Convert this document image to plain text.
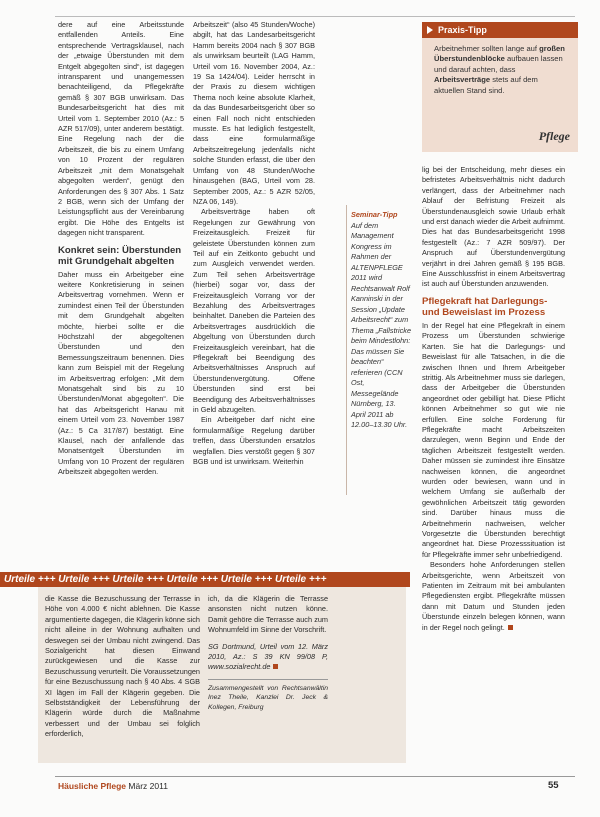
dere auf eine Arbeitsstunde entfallenden Anteils. Eine entsprechende Vertragsklausel, nach der „etwaige Überstunden mit dem Entgelt abgegolten sind“, ist dagegen intransparent und unangemessen benachteiligend, da Pflegekräfte gemäß § 307 BGB unwirksam. Das Bundesarbeitsgericht hat dies mit Urteil vom 1. September 2010 (Az.: 5 AZR 517/09), unter anderem bestätigt. Eine Regelung nach der die Arbeitszeit, die bis zu einem Umfang von 10 Prozent der regulären Arbeitszeit „mit dem Monatsgehalt abgegolten werden“, genügt den Anforderungen des § 307 Abs. 1 Satz 2 BGB, wenn sich der Umfang der Leistungspflicht aus der Vereinbarung ergibt. Die Höhe des Entgelts ist dagegen nicht transparent.

Konkret sein: Überstunden mit Grundgehalt abgelten

Daher muss ein Arbeitgeber eine weitere Konkretisierung in seinen Arbeitsvertrag vornehmen. Wenn er zumindest einen Teil der Überstunden mit dem Grundgehalt abgelten möchte, hierbei sollte er die Höchstzahl der abgegoltenen Überstunden und den Bemessungszeitraum benennen. Dies kann zum Beispiel mit der Regelung im Arbeitsvertrag erfolgen: „Mit dem Monatsgehalt sind bis zu 10 Überstunden/Monat abgegolten“. Die hat das Arbeitsgericht Hanau mit einem Urteil vom 23. November 1987 (Az.: 5 Ca 317/87) bestätigt. Eine Klausel, nach der anfallende das Monatsentgelt Überstunden im Umfang von 10 Prozent der regulären Arbeitszeit abgegolten werden.

Arbeitszeit“ (also 45 Stunden/Woche) abgilt, hat das Landesarbeitsgericht Hamm bereits 2004 nach § 307 BGB als unwirksam beurteilt (LAG Hamm, Urteil vom 16. November 2004, Az.: 19 Sa 1424/04). Leider herrscht in der Praxis zu diesem wichtigen Thema noch keine absolute Klarheit, da das Bundesarbeitsgericht über so einen Fall noch nicht entschieden musste. Es hat lediglich festgestellt, dass eine formularmäßige Arbeitszeitregelung jedenfalls nicht solche Stunden erfasst, die über den Umfang von 48 Stunden/Woche hinausgehen (BAG, Urteil vom 28. September 2005, Az.: 5 AZR 52/05, NZA 06, 149).

Arbeitsverträge haben oft Regelungen zur Gewährung von Freizeitausgleich. Freizeit für geleistete Überstunden können zum Teil auf ein Zeitkonto gebucht und zum Ausgleich verwendet werden. Zum Teil sehen Arbeitsverträge (hierbei) sogar vor, dass der Freizeitausgleich Vorrang vor der Bezahlung des Arbeitsvertrages beinhaltet. Daneben die Parteien des Arbeitsvertrages ausdrücklich die Abgeltung von Überstunden durch Freizeitausgleich vereinbart, hat die Pflegekraft bei Beendigung des Arbeitsverhältnisses Anspruch auf Überstundenvergütung. Offene Überstunden sind erst bei Beendigung des Arbeitsverhältnisses in Geld abzugelten.

Ein Arbeitgeber darf nicht eine formularmäßige Regelung darüber treffen, dass Überstunden ersatzlos wegfallen. Dies verstößt gegen § 307 BGB und ist unwirksam. Weiterhin

Seminar-Tipp
Auf dem Management Kongress im Rahmen der ALTENPFLEGE 2011 wird Rechtsanwalt Rolf Kanninski in der Session „Update Arbeitsrecht“ zum Thema „Fallstricke beim Mindestlohn: Das müssen Sie beachten“ referieren (CCN Ost, Messegelände Nürnberg, 13. April 2011 ab 12.00–13.30 Uhr.
Praxis-Tipp
Arbeitnehmer sollten lange auf großen Überstundenblöcke aufbauen lassen und darauf achten, dass Arbeitsverträge stets auf dem aktuellen Stand sind.
Pflege

lig bei der Entscheidung, mehr dieses ein befristetes Arbeitsverhältnis nicht dadurch verlängert, dass der Arbeitnehmer nach Ablauf der Befristung Freizeit als Überstundenausgleich sowie Urlaub erhält und erst danach wieder die Arbeit aufnimmt. Dies hat das Bundesarbeitsgericht 1998 festgestellt (Az.: 7 AZR 509/97). Der Anspruch auf Überstundenvergütung verjährt in drei Jahren gemäß § 195 BGB. Eine Ausschlussfrist in einem Arbeitsvertrag ist auch auf Überstunden anzuwenden.

Pflegekraft hat Darlegungs- und Beweislast im Prozess

In der Regel hat eine Pflegekraft in einem Prozess um Überstunden schwierige Karten. Sie hat die Darlegungs- und Beweislast für alle Tatsachen, in die die zwischen Ihnen und Ihrem Arbeitgeber strittig. Als Arbeitnehmer muss sie darlegen, dass der Arbeitgeber die Überstunden angeordnet oder gebilligt hat. Diese Pflicht können Arbeitnehmer so gut wie nie erfüllen. Eine solche Forderung für Pflegekräfte macht Arbeitszeiten darzulegen, wenn Beginn und Ende der täglichen Arbeitszeit festgestellt werden. Daher müssen sie zumindest ihre Einsätze nachweisen können, die angeordnet wurden oder bewiesen, wann und in welchem Umfang sie außerhalb der gewöhnlichen Arbeitszeit tätig geworden sind. Darüber hinaus muss die Arbeitnehmerin nachweisen, welcher Vorgesetzte die Überstunden berechtigt angeordnet hat. Diese Prozesssituation ist für Pflegekräfte immer sehr unbefriedigend.

Besonders hohe Anforderungen stellen Arbeitsgerichte, wenn Arbeitszeit von Patienten im Zeitraum mit bei ambulanten Pflegediensten ergibt. Pflegekräfte müssen dann mit Datum und Stunden jeden Überstunde einzeln belegen können, wann in der Regel noch gelingt.

Urteile +++ Urteile +++ Urteile +++ Urteile +++ Urteile +++ Urteile +++
die Kasse die Bezuschussung der Terrasse in Höhe von 4.000 € nicht ablehnen. Die Kasse argumentierte dagegen, die Klägerin könne sich nicht alleine in der Wohnung aufhalten und deswegen sei der Umbau nicht zwingend. Das Sozialgericht hat diesen Einwand zurückgewiesen und die Kasse zur Bezuschussung verurteilt. Die Voraussetzungen für eine Bezuschussung nach § 40 Abs. 4 SGB XI lägen im Fall der Klägerin gegeben. Die Selbstständigkeit der Lebensführung der Klägerin würde durch die Maßnahme verbessert und der Umbau sei folglich erforderlich,
ich, da die Klägerin die Terrasse ansonsten nicht nutzen könne. Damit gehöre die Terrasse auch zum Wohnumfeld im Sinne der Vorschrift.
SG Dortmund, Urteil vom 12. März 2010, Az.: S 39 KN 99/08 P, www.sozialrecht.de
Zusammengestellt von Rechtsanwältin Inez Theile, Kanzlei Dr. Jeck & Kollegen, Freiburg
Häusliche Pflege März 2011	55
